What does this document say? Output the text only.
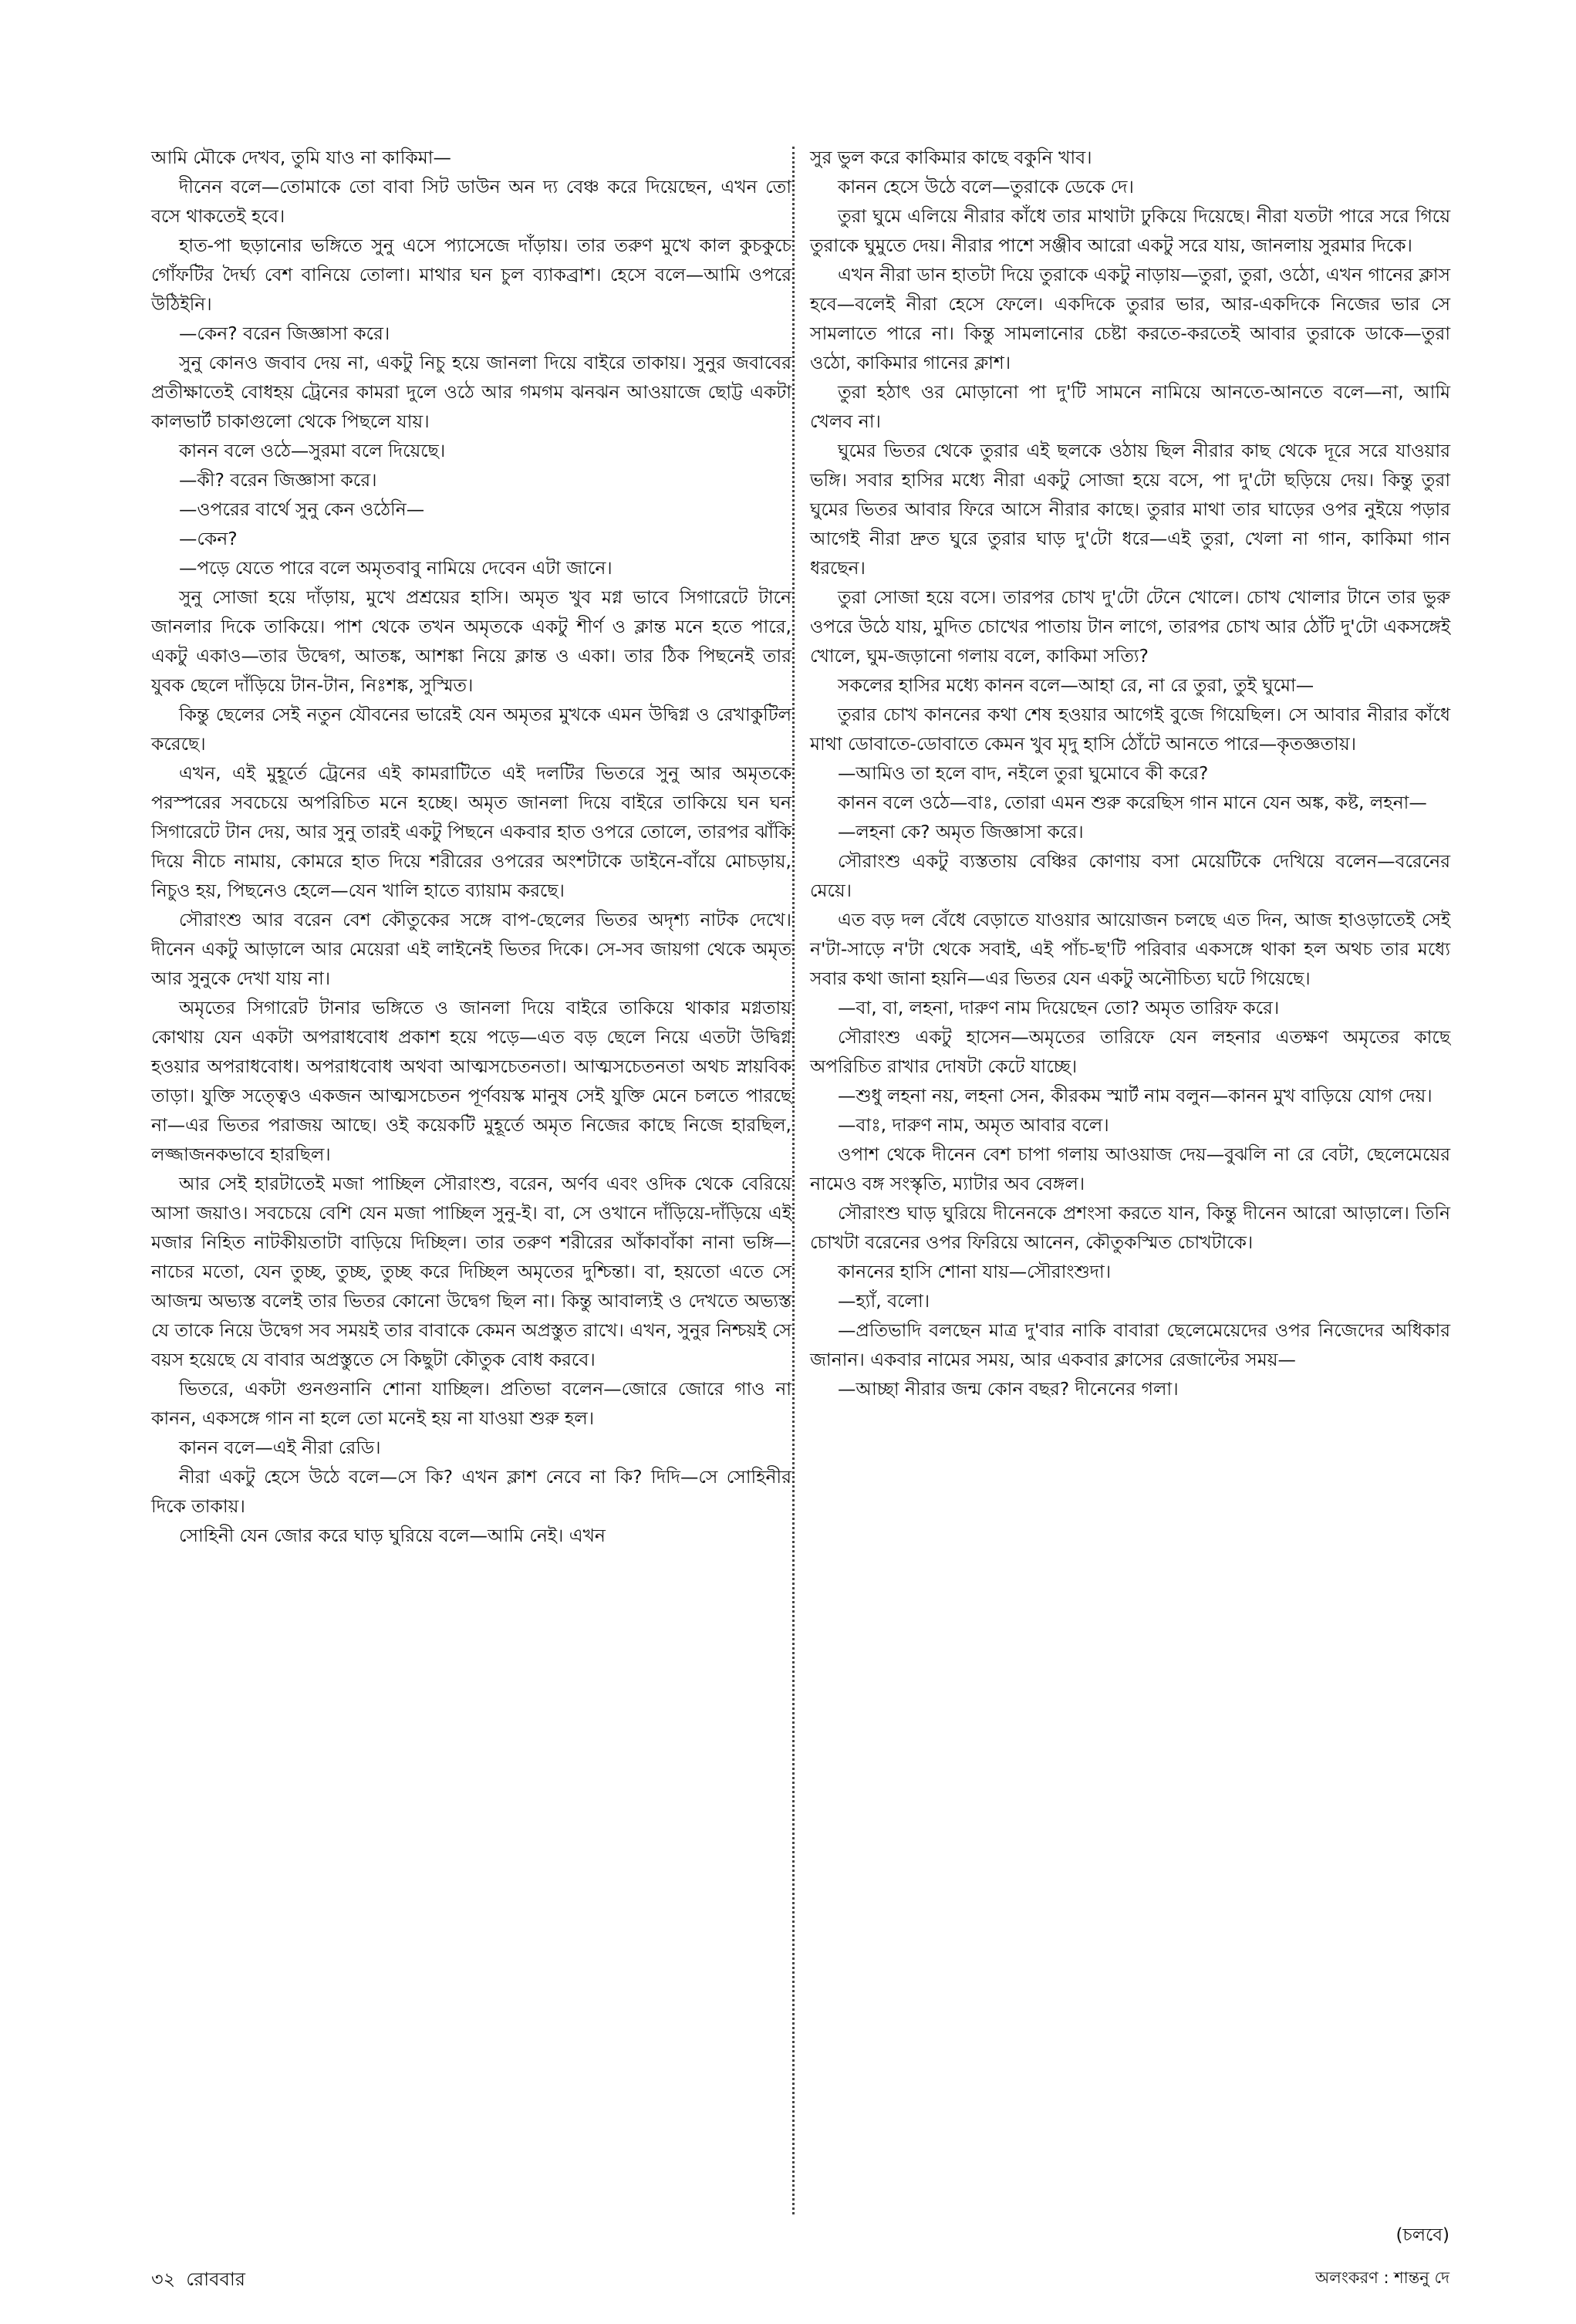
আমি মৌকে দেখব, তুমি যাও না কাকিমা—

দীনেন বলে—তোমাকে তো বাবা সিট ডাউন অন দ্য বেঞ্চ করে দিয়েছেন, এখন তো বসে থাকতেই হবে।

হাত-পা ছড়ানোর ভঙ্গিতে সুনু এসে প্যাসেজে দাঁড়ায়। তার তরুণ মুখে কাল কুচকুচে গোঁফটির দৈর্ঘ্য বেশ বানিয়ে তোলা। মাথার ঘন চুল ব্যাকব্রাশ। হেসে বলে—আমি ওপরে উঠিইনি।

—কেন? বরেন জিজ্ঞাসা করে।

সুনু কোনও জবাব দেয় না, একটু নিচু হয়ে জানলা দিয়ে বাইরে তাকায়। সুনুর জবাবের প্রতীক্ষাতেই বোধহয় ট্রেনের কামরা দুলে ওঠে আর গমগম ঝনঝন আওয়াজে ছোট্ট একটা কালভার্ট চাকাগুলো থেকে পিছলে যায়।

কানন বলে ওঠে—সুরমা বলে দিয়েছে।

—কী? বরেন জিজ্ঞাসা করে।

—ওপরের বার্থে সুনু কেন ওঠেনি—

—কেন?

—পড়ে যেতে পারে বলে অমৃতবাবু নামিয়ে দেবেন এটা জানে।

সুনু সোজা হয়ে দাঁড়ায়, মুখে প্রশ্রয়ের হাসি। অমৃত খুব মগ্ন ভাবে সিগারেটে টানে জানলার দিকে তাকিয়ে। পাশ থেকে তখন অমৃতকে একটু শীর্ণ ও ক্লান্ত মনে হতে পারে, একটু একাও—তার উদ্বেগ, আতঙ্ক, আশঙ্কা নিয়ে ক্লান্ত ও একা। তার ঠিক পিছনেই তার যুবক ছেলে দাঁড়িয়ে টান-টান, নিঃশঙ্ক, সুস্মিত।

কিন্তু ছেলের সেই নতুন যৌবনের ভারেই যেন অমৃতর মুখকে এমন উদ্বিগ্ন ও রেখাকুটিল করেছে।

এখন, এই মুহূর্তে ট্রেনের এই কামরাটিতে এই দলটির ভিতরে সুনু আর অমৃতকে পরস্পরের সবচেয়ে অপরিচিত মনে হচ্ছে। অমৃত জানলা দিয়ে বাইরে তাকিয়ে ঘন ঘন সিগারেটে টান দেয়, আর সুনু তারই একটু পিছনে একবার হাত ওপরে তোলে, তারপর ঝাঁকি দিয়ে নীচে নামায়, কোমরে হাত দিয়ে শরীরের ওপরের অংশটাকে ডাইনে-বাঁয়ে মোচড়ায়, নিচুও হয়, পিছনেও হেলে—যেন খালি হাতে ব্যায়াম করছে।

সৌরাংশু আর বরেন বেশ কৌতুকের সঙ্গে বাপ-ছেলের ভিতর অদৃশ্য নাটক দেখে। দীনেন একটু আড়ালে আর মেয়েরা এই লাইনেই ভিতর দিকে। সে-সব জায়গা থেকে অমৃত আর সুনুকে দেখা যায় না।

অমৃতের সিগারেট টানার ভঙ্গিতে ও জানলা দিয়ে বাইরে তাকিয়ে থাকার মগ্নতায় কোথায় যেন একটা অপরাধবোধ প্রকাশ হয়ে পড়ে—এত বড় ছেলে নিয়ে এতটা উদ্বিগ্ন হওয়ার অপরাধবোধ। অপরাধবোধ অথবা আত্মসচেতনতা। আত্মসচেতনতা অথচ স্নায়বিক তাড়া। যুক্তি সত্ত্বেও একজন আত্মসচেতন পূর্ণবয়স্ক মানুষ সেই যুক্তি মেনে চলতে পারছে না—এর ভিতর পরাজয় আছে। ওই কয়েকটি মুহূর্তে অমৃত নিজের কাছে নিজে হারছিল, লজ্জাজনকভাবে হারছিল।

আর সেই হারটাতেই মজা পাচ্ছিল সৌরাংশু, বরেন, অর্ণব এবং ওদিক থেকে বেরিয়ে আসা জয়াও। সবচেয়ে বেশি যেন মজা পাচ্ছিল সুনু-ই। বা, সে ওখানে দাঁড়িয়ে-দাঁড়িয়ে এই মজার নিহিত নাটকীয়তাটা বাড়িয়ে দিচ্ছিল। তার তরুণ শরীরের আঁকাবাঁকা নানা ভঙ্গি—নাচের মতো, যেন তুচ্ছ, তুচ্ছ, তুচ্ছ করে দিচ্ছিল অমৃতের দুশ্চিন্তা। বা, হয়তো এতে সে আজন্ম অভ্যস্ত বলেই তার ভিতর কোনো উদ্বেগ ছিল না। কিন্তু আবাল্যই ও দেখতে অভ্যস্ত যে তাকে নিয়ে উদ্বেগ সব সময়ই তার বাবাকে কেমন অপ্রস্তুত রাখে। এখন, সুনুর নিশ্চয়ই সে বয়স হয়েছে যে বাবার অপ্রস্তুতে সে কিছুটা কৌতুক বোধ করবে।

ভিতরে, একটা গুনগুনানি শোনা যাচ্ছিল। প্রতিভা বলেন—জোরে জোরে গাও না কানন, একসঙ্গে গান না হলে তো মনেই হয় না যাওয়া শুরু হল।

কানন বলে—এই নীরা রেডি।

নীরা একটু হেসে উঠে বলে—সে কি? এখন ক্লাশ নেবে না কি? দিদি—সে সোহিনীর দিকে তাকায়।

সোহিনী যেন জোর করে ঘাড় ঘুরিয়ে বলে—আমি নেই। এখন

সুর ভুল করে কাকিমার কাছে বকুনি খাব।

কানন হেসে উঠে বলে—তুরাকে ডেকে দে।

তুরা ঘুমে এলিয়ে নীরার কাঁধে তার মাথাটা ঢুকিয়ে দিয়েছে। নীরা যতটা পারে সরে গিয়ে তুরাকে ঘুমুতে দেয়। নীরার পাশে সঞ্জীব আরো একটু সরে যায়, জানলায় সুরমার দিকে।

এখন নীরা ডান হাতটা দিয়ে তুরাকে একটু নাড়ায়—তুরা, তুরা, ওঠো, এখন গানের ক্লাস হবে—বলেই নীরা হেসে ফেলে। একদিকে তুরার ভার, আর-একদিকে নিজের ভার সে সামলাতে পারে না। কিন্তু সামলানোর চেষ্টা করতে-করতেই আবার তুরাকে ডাকে—তুরা ওঠো, কাকিমার গানের ক্লাশ।

তুরা হঠাৎ ওর মোড়ানো পা দু'টি সামনে নামিয়ে আনতে-আনতে বলে—না, আমি খেলব না।

ঘুমের ভিতর থেকে তুরার এই ছলকে ওঠায় ছিল নীরার কাছ থেকে দূরে সরে যাওয়ার ভঙ্গি। সবার হাসির মধ্যে নীরা একটু সোজা হয়ে বসে, পা দু'টো ছড়িয়ে দেয়। কিন্তু তুরা ঘুমের ভিতর আবার ফিরে আসে নীরার কাছে। তুরার মাথা তার ঘাড়ের ওপর নুইয়ে পড়ার আগেই নীরা দ্রুত ঘুরে তুরার ঘাড় দু'টো ধরে—এই তুরা, খেলা না গান, কাকিমা গান ধরছেন।

তুরা সোজা হয়ে বসে। তারপর চোখ দু'টো টেনে খোলে। চোখ খোলার টানে তার ভুরু ওপরে উঠে যায়, মুদিত চোখের পাতায় টান লাগে, তারপর চোখ আর ঠোঁট দু'টো একসঙ্গেই খোলে, ঘুম-জড়ানো গলায় বলে, কাকিমা সত্যি?

সকলের হাসির মধ্যে কানন বলে—আহা রে, না রে তুরা, তুই ঘুমো—

তুরার চোখ কাননের কথা শেষ হওয়ার আগেই বুজে গিয়েছিল। সে আবার নীরার কাঁধে মাথা ডোবাতে-ডোবাতে কেমন খুব মৃদু হাসি ঠোঁটে আনতে পারে—কৃতজ্ঞতায়।

—আমিও তা হলে বাদ, নইলে তুরা ঘুমোবে কী করে?

কানন বলে ওঠে—বাঃ, তোরা এমন শুরু করেছিস গান মানে যেন অঙ্ক, কষ্ট, লহনা—

—লহনা কে? অমৃত জিজ্ঞাসা করে।

সৌরাংশু একটু ব্যস্ততায় বেঞ্চির কোণায় বসা মেয়েটিকে দেখিয়ে বলেন—বরেনের মেয়ে।

এত বড় দল বেঁধে বেড়াতে যাওয়ার আয়োজন চলছে এত দিন, আজ হাওড়াতেই সেই ন'টা-সাড়ে ন'টা থেকে সবাই, এই পাঁচ-ছ'টি পরিবার একসঙ্গে থাকা হল অথচ তার মধ্যে সবার কথা জানা হয়নি—এর ভিতর যেন একটু অনৌচিত্য ঘটে গিয়েছে।

—বা, বা, লহনা, দারুণ নাম দিয়েছেন তো? অমৃত তারিফ করে।

সৌরাংশু একটু হাসেন—অমৃতের তারিফে যেন লহনার এতক্ষণ অমৃতের কাছে অপরিচিত রাখার দোষটা কেটে যাচ্ছে।

—শুধু লহনা নয়, লহনা সেন, কীরকম স্মার্ট নাম বলুন—কানন মুখ বাড়িয়ে যোগ দেয়।

—বাঃ, দারুণ নাম, অমৃত আবার বলে।

ওপাশ থেকে দীনেন বেশ চাপা গলায় আওয়াজ দেয়—বুঝলি না রে বেটা, ছেলেমেয়ের নামেও বঙ্গ সংস্কৃতি, ম্যাটার অব বেঙ্গল।

সৌরাংশু ঘাড় ঘুরিয়ে দীনেনকে প্রশংসা করতে যান, কিন্তু দীনেন আরো আড়ালে। তিনি চোখটা বরেনের ওপর ফিরিয়ে আনেন, কৌতুকস্মিত চোখটাকে।

কাননের হাসি শোনা যায়—সৌরাংশুদা।

—হ্যাঁ, বলো।

—প্রতিভাদি বলছেন মাত্র দু'বার নাকি বাবারা ছেলেমেয়েদের ওপর নিজেদের অধিকার জানান। একবার নামের সময়, আর একবার ক্লাসের রেজাল্টের সময়—

—আচ্ছা নীরার জন্ম কোন বছর? দীনেনের গলা।

(চলবে)
অলংকরণ : শান্তনু দে
৩২ রোববার
